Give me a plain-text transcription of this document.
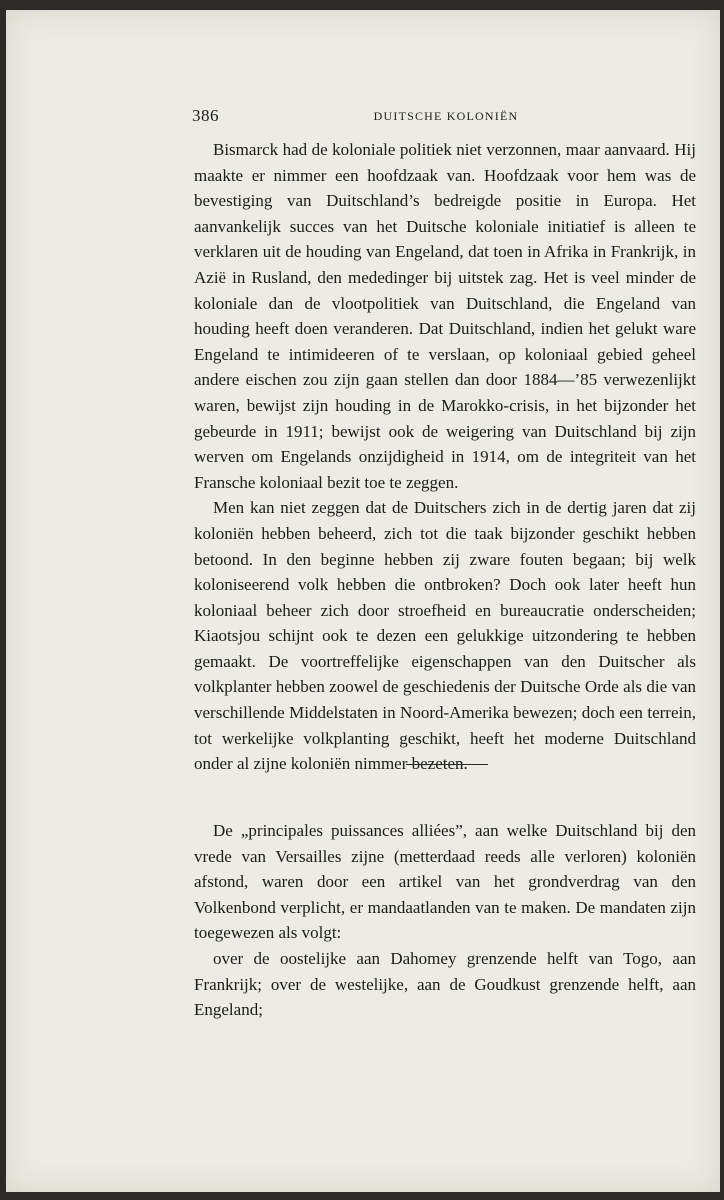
386	DUITSCHE KOLONIËN

Bismarck had de koloniale politiek niet verzonnen, maar aanvaard. Hij maakte er nimmer een hoofdzaak van. Hoofdzaak voor hem was de bevestiging van Duitschland’s bedreigde positie in Europa. Het aanvankelijk succes van het Duitsche koloniale initiatief is alleen te verklaren uit de houding van Engeland, dat toen in Afrika in Frankrijk, in Azië in Rusland, den mededinger bij uitstek zag. Het is veel minder de koloniale dan de vlootpolitiek van Duitschland, die Engeland van houding heeft doen veranderen. Dat Duitschland, indien het gelukt ware Engeland te intimideeren of te verslaan, op koloniaal gebied geheel andere eischen zou zijn gaan stellen dan door 1884—’85 verwezenlijkt waren, bewijst zijn houding in de Marokko-crisis, in het bijzonder het gebeurde in 1911; bewijst ook de weigering van Duitschland bij zijn werven om Engelands onzijdigheid in 1914, om de integriteit van het Fransche koloniaal bezit toe te zeggen.

Men kan niet zeggen dat de Duitschers zich in de dertig jaren dat zij koloniën hebben beheerd, zich tot die taak bijzonder geschikt hebben betoond. In den beginne hebben zij zware fouten begaan; bij welk koloniseerend volk hebben die ontbroken? Doch ook later heeft hun koloniaal beheer zich door stroefheid en bureaucratie onderscheiden; Kiaotsjou schijnt ook te dezen een gelukkige uitzondering te hebben gemaakt. De voortreffelijke eigenschappen van den Duitscher als volkplanter hebben zoowel de geschiedenis der Duitsche Orde als die van verschillende Middelstaten in Noord-Amerika bewezen; doch een terrein, tot werkelijke volkplanting geschikt, heeft het moderne Duitschland onder al zijne koloniën nimmer bezeten.

De „principales puissances alliées”, aan welke Duitschland bij den vrede van Versailles zijne (metterdaad reeds alle verloren) koloniën afstond, waren door een artikel van het grondverdrag van den Volkenbond verplicht, er mandaatlanden van te maken. De mandaten zijn toegewezen als volgt:

over de oostelijke aan Dahomey grenzende helft van Togo, aan Frankrijk; over de westelijke, aan de Goudkust grenzende helft, aan Engeland;
